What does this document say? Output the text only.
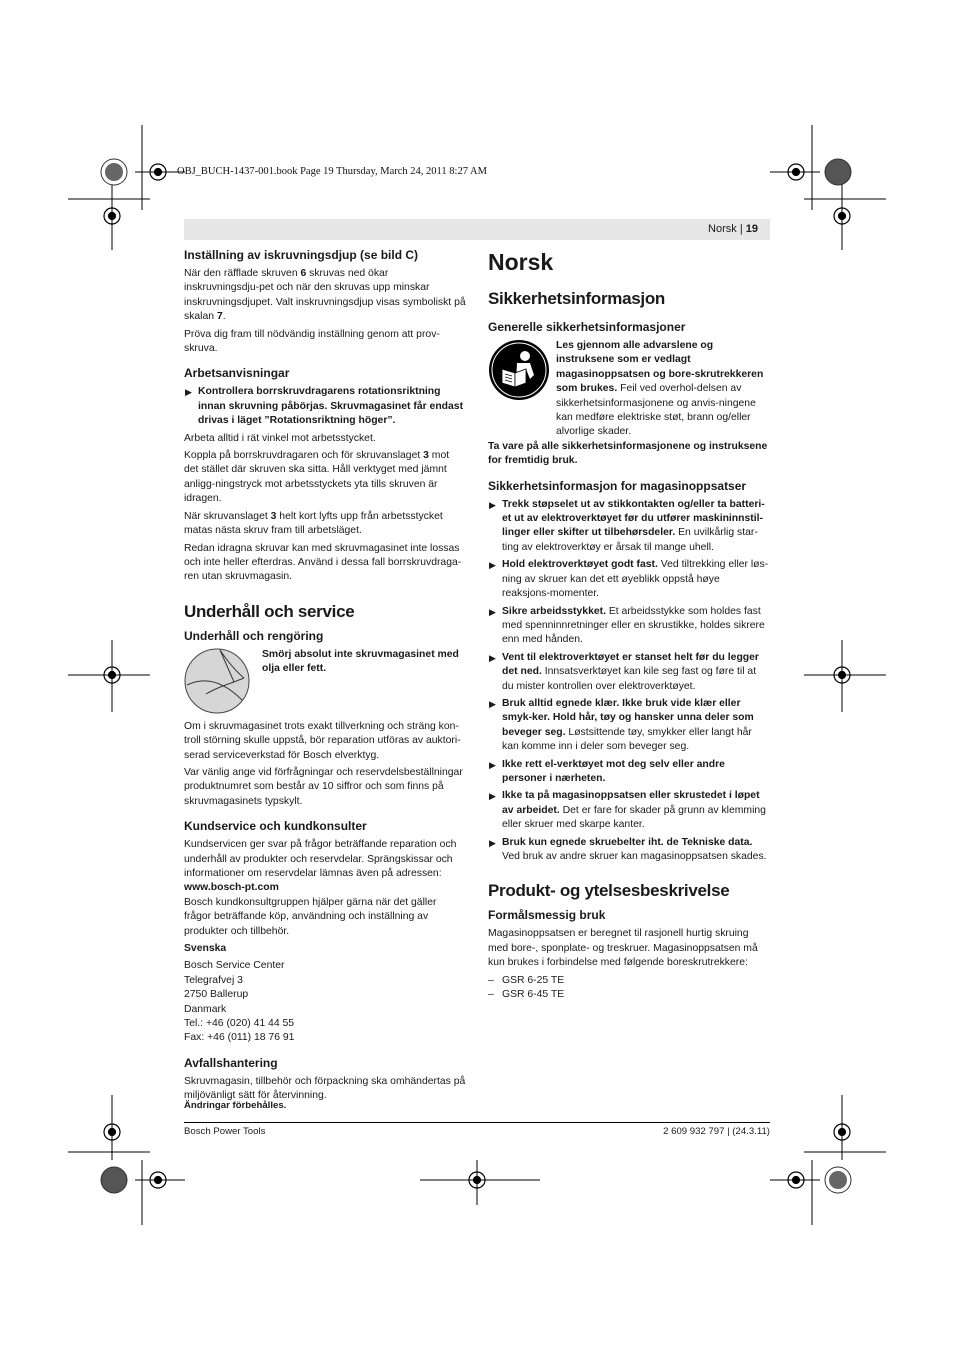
OBJ_BUCH-1437-001.book Page 19 Thursday, March 24, 2011 8:27 AM
Norsk | 19
Inställning av iskruvningsdjup (se bild C)

När den räfflade skruven 6 skruvas ned ökar inskruvningsdju-pet och när den skruvas upp minskar inskruvningsdjupet. Valt inskruvningsdjup visas symboliskt på skalan 7.

Pröva dig fram till nödvändig inställning genom att prov-skruva.

Arbetsanvisningar
▶ Kontrollera borrskruvdragarens rotationsriktning innan skruvning påbörjas. Skruvmagasinet får endast drivas i läget ”Rotationsriktning höger”.

Arbeta alltid i rät vinkel mot arbetsstycket.

Koppla på borrskruvdragaren och för skruvanslaget 3 mot det stället där skruven ska sitta. Håll verktyget med jämnt anligg-ningstryck mot arbetsstyckets yta tills skruven är idragen.

När skruvanslaget 3 helt kort lyfts upp från arbetsstycket matas nästa skruv fram till arbetsläget.

Redan idragna skruvar kan med skruvmagasinet inte lossas och inte heller efterdras. Använd i dessa fall borrskruvdraga-ren utan skruvmagasin.

Underhåll och service
Underhåll och rengöring
Smörj absolut inte skruvmagasinet med olja eller fett.

Om i skruvmagasinet trots exakt tillverkning och sträng kon-troll störning skulle uppstå, bör reparation utföras av auktori-serad serviceverkstad för Bosch elverktyg.

Var vänlig ange vid förfrågningar och reservdelsbeställningar produktnumret som består av 10 siffror och som finns på skruvmagasinets typskylt.

Kundservice och kundkonsulter

Kundservicen ger svar på frågor beträffande reparation och underhåll av produkter och reservdelar. Sprängskissar och informationer om reservdelar lämnas även på adressen:

www.bosch-pt.com

Bosch kundkonsultgruppen hjälper gärna när det gäller frågor beträffande köp, användning och inställning av produkter och tillbehör.

Svenska

Bosch Service Center
Telegrafvej 3
2750 Ballerup
Danmark
Tel.: +46 (020) 41 44 55
Fax: +46 (011) 18 76 91
Avfallshantering

Skruvmagasin, tillbehör och förpackning ska omhändertas på miljövänligt sätt för återvinning.

Norsk
Sikkerhetsinformasjon
Generelle sikkerhetsinformasjoner
Les gjennom alle advarslene og instruksene som er vedlagt magasinoppsatsen og bore-skrutrekkeren som brukes. Feil ved overhol-delsen av sikkerhetsinformasjonene og anvis-ningene kan medføre elektriske støt, brann og/eller alvorlige skader.

Ta vare på alle sikkerhetsinformasjonene og instruksene for fremtidig bruk.

Sikkerhetsinformasjon for magasinoppsatser
▶ Trekk støpselet ut av stikkontakten og/eller ta batteri-et ut av elektroverktøyet før du utfører maskininnstil-linger eller skifter ut tilbehørsdeler. En uvilkårlig star-ting av elektroverktøy er årsak til mange uhell.
▶ Hold elektroverktøyet godt fast. Ved tiltrekking eller løs-ning av skruer kan det ett øyeblikk oppstå høye reaksjons-momenter.
▶ Sikre arbeidsstykket. Et arbeidsstykke som holdes fast med spenninnretninger eller en skrustikke, holdes sikrere enn med hånden.
▶ Vent til elektroverktøyet er stanset helt før du legger det ned. Innsatsverktøyet kan kile seg fast og føre til at du mister kontrollen over elektroverktøyet.
▶ Bruk alltid egnede klær. Ikke bruk vide klær eller smyk-ker. Hold hår, tøy og hansker unna deler som beveger seg. Løstsittende tøy, smykker eller langt hår kan komme inn i deler som beveger seg.
▶ Ikke rett el-verktøyet mot deg selv eller andre personer i nærheten.
▶ Ikke ta på magasinoppsatsen eller skrustedet i løpet av arbeidet. Det er fare for skader på grunn av klemming eller skruer med skarpe kanter.
▶ Bruk kun egnede skruebelter iht. de Tekniske data. Ved bruk av andre skruer kan magasinoppsatsen skades.
Produkt- og ytelsesbeskrivelse
Formålsmessig bruk

Magasinoppsatsen er beregnet til rasjonell hurtig skruing med bore-, sponplate- og treskruer. Magasinoppsatsen må kun brukes i forbindelse med følgende boreskrutrekkere:

– GSR 6-25 TE
– GSR 6-45 TE
Ändringar förbehålles.
Bosch Power Tools	2 609 932 797 | (24.3.11)
